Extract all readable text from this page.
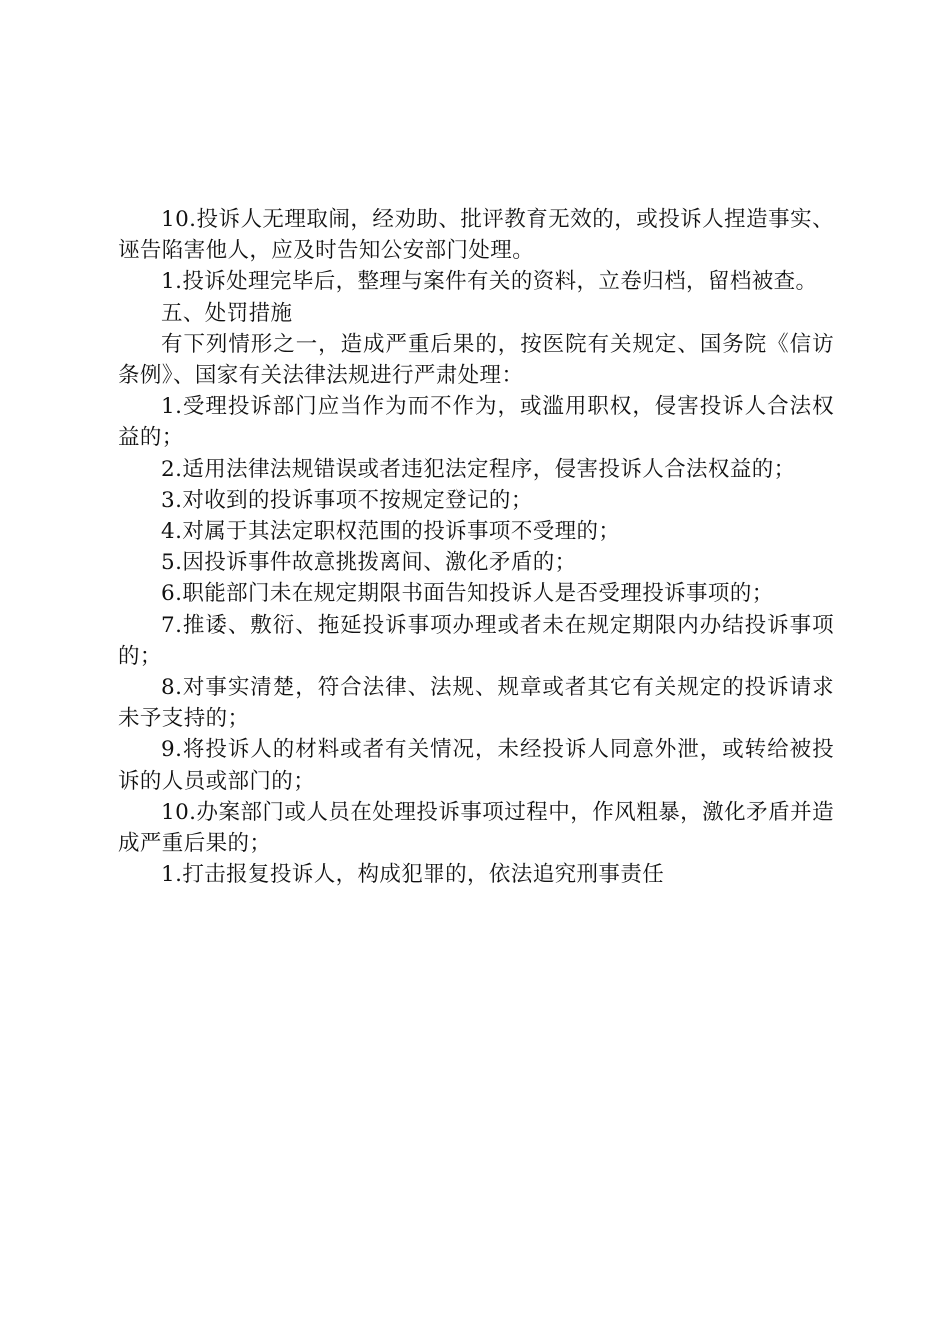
10.投诉人无理取闹，经劝助、批评教育无效的，或投诉人捏造事实、诬告陷害他人，应及时告知公安部门处理。

1.投诉处理完毕后，整理与案件有关的资料，立卷归档，留档被查。

五、处罚措施

有下列情形之一，造成严重后果的，按医院有关规定、国务院《信访条例》、国家有关法律法规进行严肃处理：

1.受理投诉部门应当作为而不作为，或滥用职权，侵害投诉人合法权益的；

2.适用法律法规错误或者违犯法定程序，侵害投诉人合法权益的；

3.对收到的投诉事项不按规定登记的；

4.对属于其法定职权范围的投诉事项不受理的；

5.因投诉事件故意挑拨离间、激化矛盾的；

6.职能部门未在规定期限书面告知投诉人是否受理投诉事项的；

7.推诿、敷衍、拖延投诉事项办理或者未在规定期限内办结投诉事项的；

8.对事实清楚，符合法律、法规、规章或者其它有关规定的投诉请求未予支持的；

9.将投诉人的材料或者有关情况，未经投诉人同意外泄，或转给被投诉的人员或部门的；

10.办案部门或人员在处理投诉事项过程中，作风粗暴，激化矛盾并造成严重后果的；

1.打击报复投诉人，构成犯罪的，依法追究刑事责任
